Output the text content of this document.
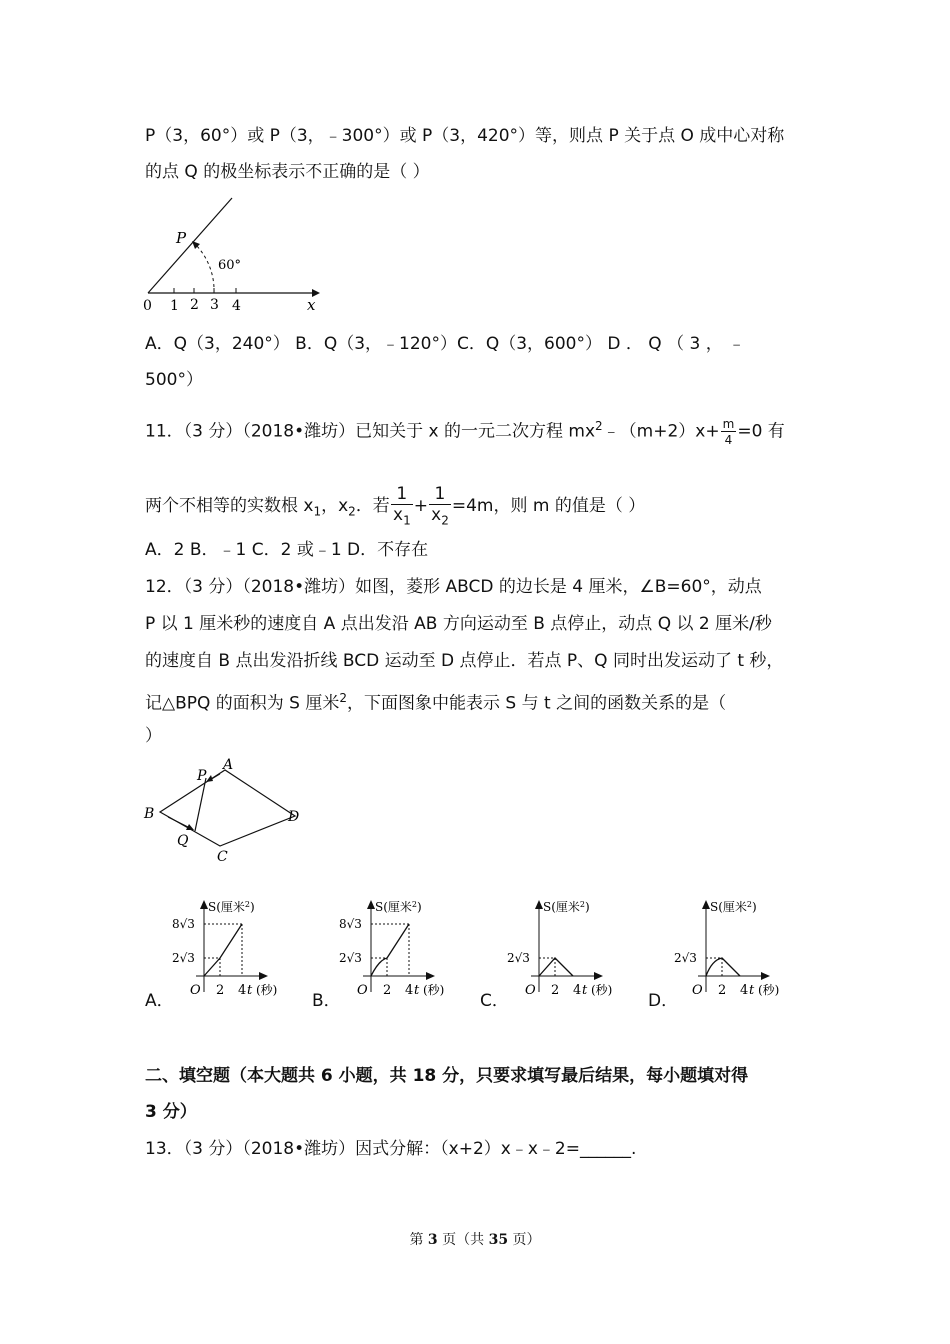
P（3，60°）或 P（3，﹣300°）或 P（3，420°）等，则点 P 关于点 O 成中心对称
的点 Q 的极坐标表示不正确的是（ ）
P
60°
0 1 2 3 4	x
A．Q（3，240°） B．Q（3，﹣120°）C．Q（3，600°） D ． Q （ 3 ， ﹣
500°）
11．（3 分）（2018•潍坊）已知关于 x 的一元二次方程 $mx^2﹣(m+2)x+ \frac{m}{4} =0$ 有
两个不相等的实数根 $x_1$，$x_2$．若 $\frac{1}{x_1} + \frac{1}{x_2} =4m$，则 m 的值是（ ）
A．2 B．﹣1 C．2 或﹣1 D．不存在
12．（3 分）（2018•潍坊）如图，菱形 ABCD 的边长是 4 厘米，∠B=60°，动点
P 以 1 厘米秒的速度自 A 点出发沿 AB 方向运动至 B 点停止，动点 Q 以 2 厘米/秒
的速度自 B 点出发沿折线 BCD 运动至 D 点停止．若点 P、Q 同时出发运动了 t 秒，
记△BPQ 的面积为 S 厘米$^2$，下面图象中能表示 S 与 t 之间的函数关系的是（
）
A
P
B
Q
C
D
A．	B．	C．	D．
S(厘米$^2$)
8√3
2√3
O 2 4 t (秒)
S(厘米$^2$)
8√3
2√3
O 2 4 t (秒)
S(厘米$^2$)
2√3
O 2 4 t (秒)
S(厘米$^2$)
2√3
O 2 4 t (秒)
二、填空题（本大题共 6 小题，共 18 分，只要求填写最后结果，每小题填对得
3 分）
13．（3 分）（2018•潍坊）因式分解：（x+2）x﹣x﹣2=______.
第 3 页（共 35 页）
